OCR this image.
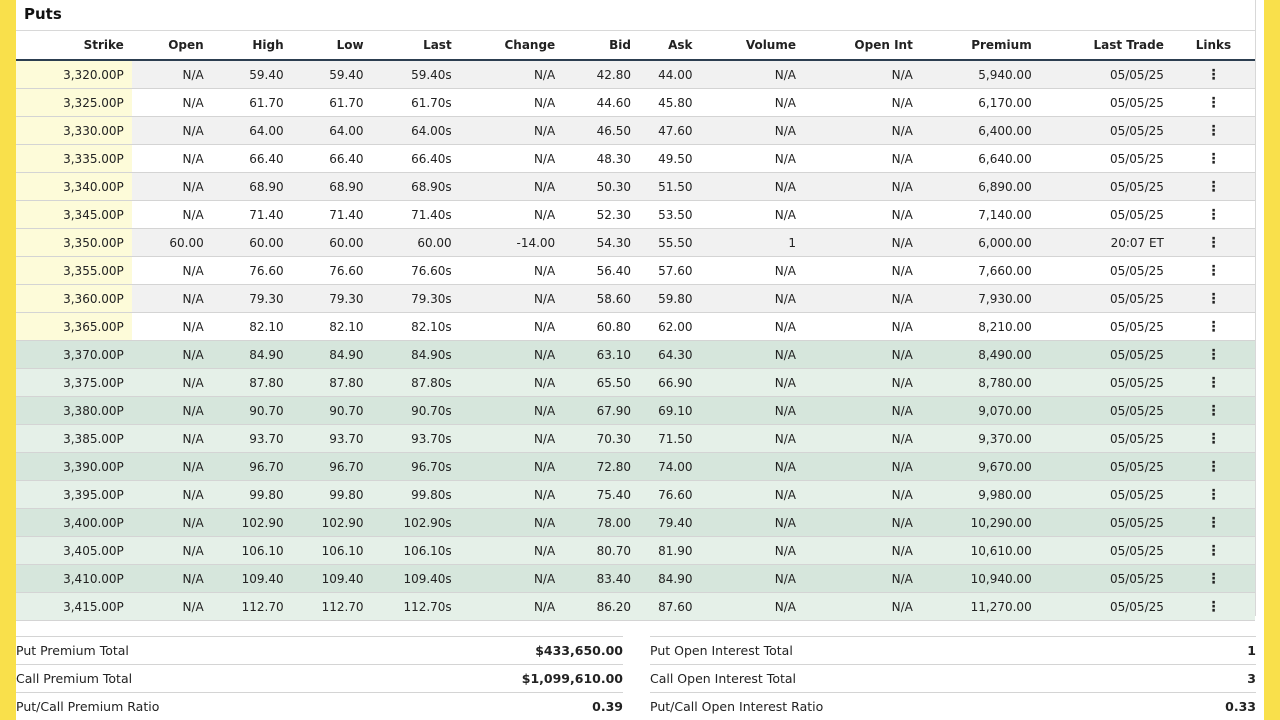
Puts
Strike	Open	High	Low	Last	Change	Bid	Ask	Volume	Open Int	Premium	Last Trade	Links
3,320.00P	N/A	59.40	59.40	59.40s	N/A	42.80	44.00	N/A	N/A	5,940.00	05/05/25	⋮
3,325.00P	N/A	61.70	61.70	61.70s	N/A	44.60	45.80	N/A	N/A	6,170.00	05/05/25	⋮
3,330.00P	N/A	64.00	64.00	64.00s	N/A	46.50	47.60	N/A	N/A	6,400.00	05/05/25	⋮
3,335.00P	N/A	66.40	66.40	66.40s	N/A	48.30	49.50	N/A	N/A	6,640.00	05/05/25	⋮
3,340.00P	N/A	68.90	68.90	68.90s	N/A	50.30	51.50	N/A	N/A	6,890.00	05/05/25	⋮
3,345.00P	N/A	71.40	71.40	71.40s	N/A	52.30	53.50	N/A	N/A	7,140.00	05/05/25	⋮
3,350.00P	60.00	60.00	60.00	60.00	-14.00	54.30	55.50	1	N/A	6,000.00	20:07 ET	⋮
3,355.00P	N/A	76.60	76.60	76.60s	N/A	56.40	57.60	N/A	N/A	7,660.00	05/05/25	⋮
3,360.00P	N/A	79.30	79.30	79.30s	N/A	58.60	59.80	N/A	N/A	7,930.00	05/05/25	⋮
3,365.00P	N/A	82.10	82.10	82.10s	N/A	60.80	62.00	N/A	N/A	8,210.00	05/05/25	⋮
3,370.00P	N/A	84.90	84.90	84.90s	N/A	63.10	64.30	N/A	N/A	8,490.00	05/05/25	⋮
3,375.00P	N/A	87.80	87.80	87.80s	N/A	65.50	66.90	N/A	N/A	8,780.00	05/05/25	⋮
3,380.00P	N/A	90.70	90.70	90.70s	N/A	67.90	69.10	N/A	N/A	9,070.00	05/05/25	⋮
3,385.00P	N/A	93.70	93.70	93.70s	N/A	70.30	71.50	N/A	N/A	9,370.00	05/05/25	⋮
3,390.00P	N/A	96.70	96.70	96.70s	N/A	72.80	74.00	N/A	N/A	9,670.00	05/05/25	⋮
3,395.00P	N/A	99.80	99.80	99.80s	N/A	75.40	76.60	N/A	N/A	9,980.00	05/05/25	⋮
3,400.00P	N/A	102.90	102.90	102.90s	N/A	78.00	79.40	N/A	N/A	10,290.00	05/05/25	⋮
3,405.00P	N/A	106.10	106.10	106.10s	N/A	80.70	81.90	N/A	N/A	10,610.00	05/05/25	⋮
3,410.00P	N/A	109.40	109.40	109.40s	N/A	83.40	84.90	N/A	N/A	10,940.00	05/05/25	⋮
3,415.00P	N/A	112.70	112.70	112.70s	N/A	86.20	87.60	N/A	N/A	11,270.00	05/05/25	⋮
Put Premium Total	$433,650.00
Call Premium Total	$1,099,610.00
Put/Call Premium Ratio	0.39
Put Open Interest Total	1
Call Open Interest Total	3
Put/Call Open Interest Ratio	0.33
